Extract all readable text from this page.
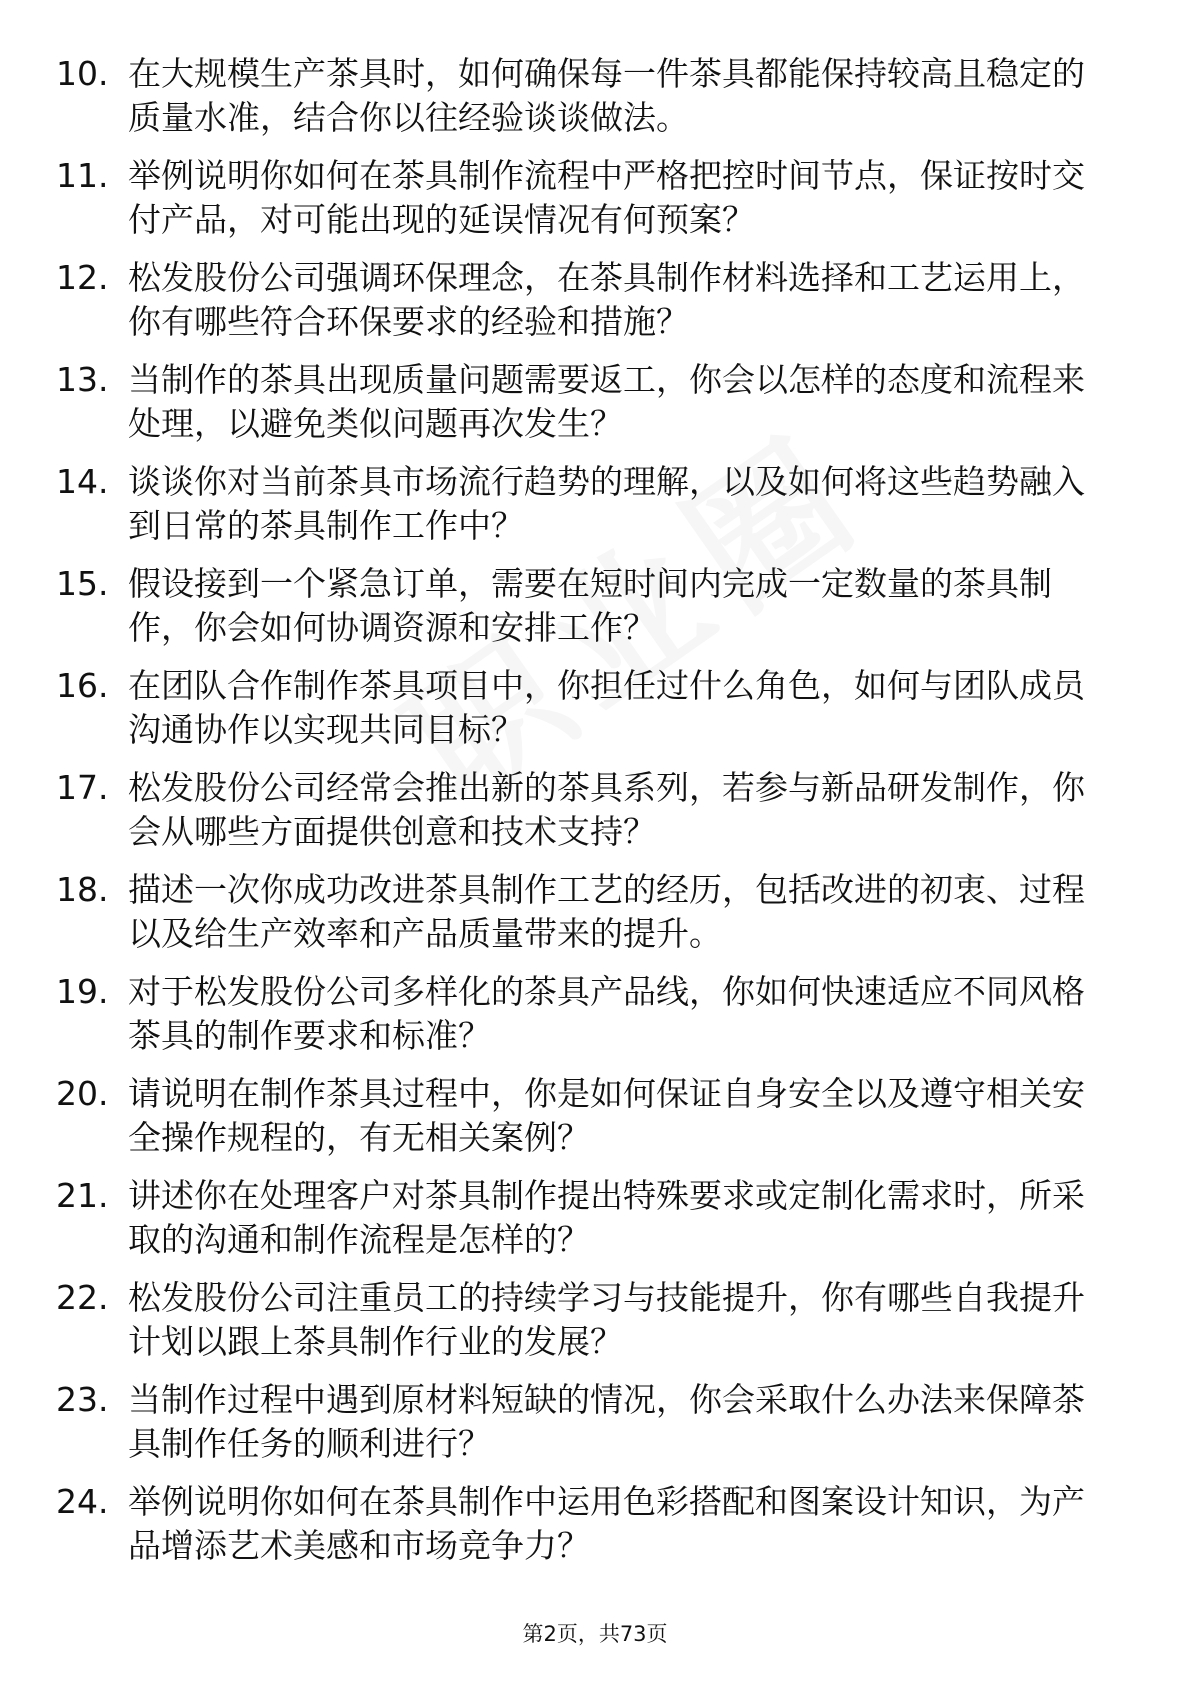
10. 在大规模生产茶具时，如何确保每一件茶具都能保持较高且稳定的质量水准，结合你以往经验谈谈做法。
11. 举例说明你如何在茶具制作流程中严格把控时间节点，保证按时交付产品，对可能出现的延误情况有何预案？
12. 松发股份公司强调环保理念，在茶具制作材料选择和工艺运用上，你有哪些符合环保要求的经验和措施？
13. 当制作的茶具出现质量问题需要返工，你会以怎样的态度和流程来处理，以避免类似问题再次发生？
14. 谈谈你对当前茶具市场流行趋势的理解，以及如何将这些趋势融入到日常的茶具制作工作中？
15. 假设接到一个紧急订单，需要在短时间内完成一定数量的茶具制作，你会如何协调资源和安排工作？
16. 在团队合作制作茶具项目中，你担任过什么角色，如何与团队成员沟通协作以实现共同目标？
17. 松发股份公司经常会推出新的茶具系列，若参与新品研发制作，你会从哪些方面提供创意和技术支持？
18. 描述一次你成功改进茶具制作工艺的经历，包括改进的初衷、过程以及给生产效率和产品质量带来的提升。
19. 对于松发股份公司多样化的茶具产品线，你如何快速适应不同风格茶具的制作要求和标准？
20. 请说明在制作茶具过程中，你是如何保证自身安全以及遵守相关安全操作规程的，有无相关案例？
21. 讲述你在处理客户对茶具制作提出特殊要求或定制化需求时，所采取的沟通和制作流程是怎样的？
22. 松发股份公司注重员工的持续学习与技能提升，你有哪些自我提升计划以跟上茶具制作行业的发展？
23. 当制作过程中遇到原材料短缺的情况，你会采取什么办法来保障茶具制作任务的顺利进行？
24. 举例说明你如何在茶具制作中运用色彩搭配和图案设计知识，为产品增添艺术美感和市场竞争力？
第2页，共73页
